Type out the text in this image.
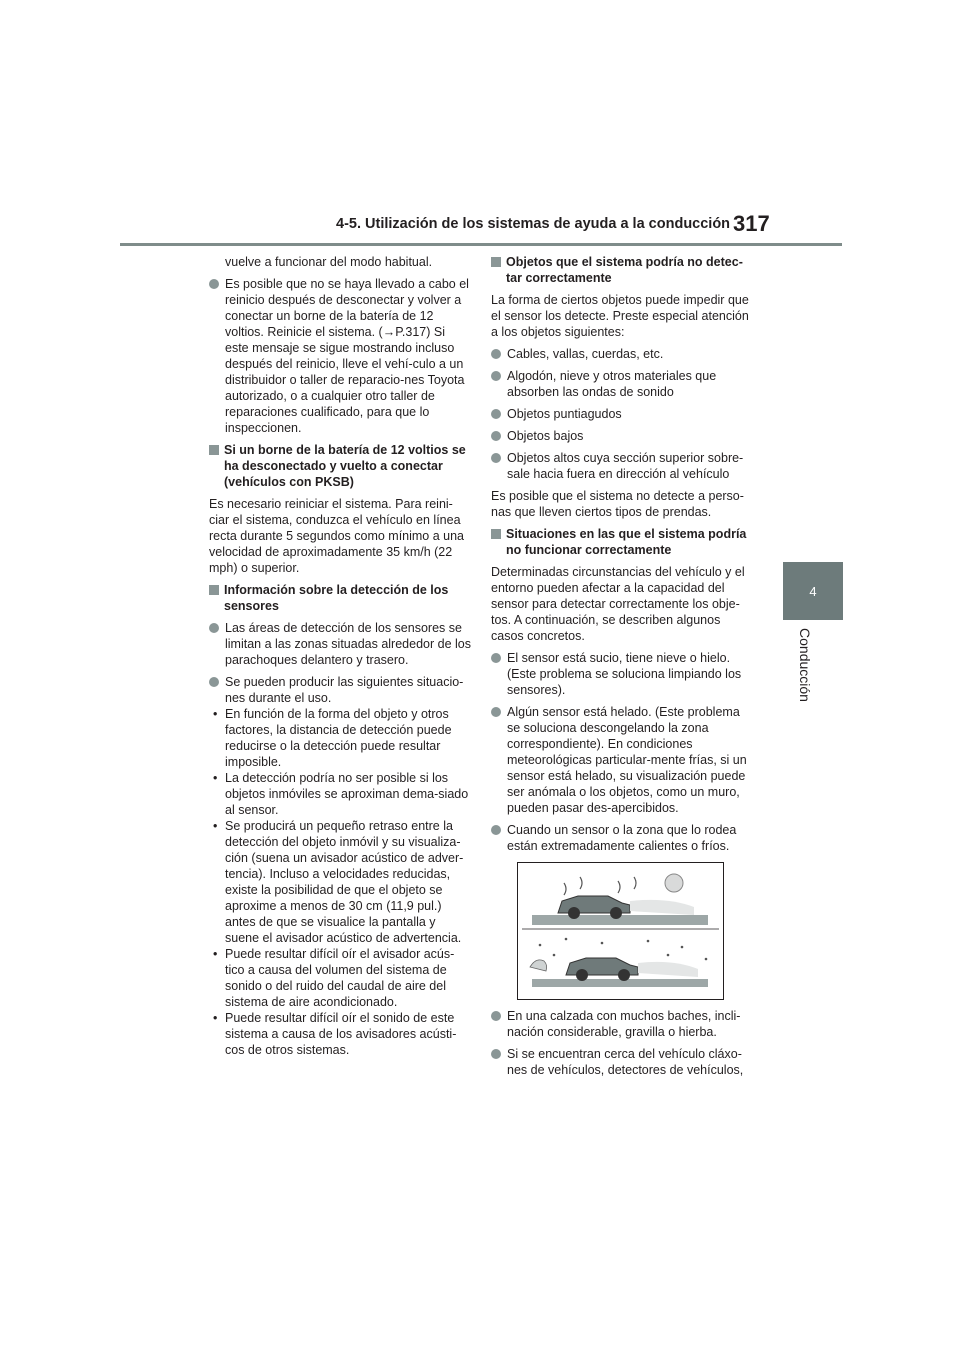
4-5. Utilización de los sistemas de ayuda a la conducción 317
4
Conducción

vuelve a funcionar del modo habitual.

Es posible que no se haya llevado a cabo el reinicio después de desconectar y volver a conectar un borne de la batería de 12 voltios. Reinicie el sistema. (→P.317) Si este mensaje se sigue mostrando incluso después del reinicio, lleve el vehí-culo a un distribuidor o taller de reparacio-nes Toyota autorizado, o a cualquier otro taller de reparaciones cualificado, para que lo inspeccionen.
Si un borne de la batería de 12 voltios se ha desconectado y vuelto a conectar (vehículos con PKSB)

Es necesario reiniciar el sistema. Para reini-ciar el sistema, conduzca el vehículo en línea recta durante 5 segundos como mínimo a una velocidad de aproximadamente 35 km/h (22 mph) o superior.

Información sobre la detección de los sensores
Las áreas de detección de los sensores se limitan a las zonas situadas alrededor de los parachoques delantero y trasero.
Se pueden producir las siguientes situacio-nes durante el uso.
• En función de la forma del objeto y otros factores, la distancia de detección puede reducirse o la detección puede resultar imposible.
• La detección podría no ser posible si los objetos inmóviles se aproximan dema-siado al sensor.
• Se producirá un pequeño retraso entre la detección del objeto inmóvil y su visualiza-ción (suena un avisador acústico de adver-tencia). Incluso a velocidades reducidas, existe la posibilidad de que el objeto se aproxime a menos de 30 cm (11,9 pul.) antes de que se visualice la pantalla y suene el avisador acústico de advertencia.
• Puede resultar difícil oír el avisador acús-tico a causa del volumen del sistema de sonido o del ruido del caudal de aire del sistema de aire acondicionado.
• Puede resultar difícil oír el sonido de este sistema a causa de los avisadores acústi-cos de otros sistemas.
Objetos que el sistema podría no detec-tar correctamente

La forma de ciertos objetos puede impedir que el sensor los detecte. Preste especial atención a los objetos siguientes:

Cables, vallas, cuerdas, etc.
Algodón, nieve y otros materiales que absorben las ondas de sonido
Objetos puntiagudos
Objetos bajos
Objetos altos cuya sección superior sobre-sale hacia fuera en dirección al vehículo

Es posible que el sistema no detecte a perso-nas que lleven ciertos tipos de prendas.

Situaciones en las que el sistema podría no funcionar correctamente

Determinadas circunstancias del vehículo y el entorno pueden afectar a la capacidad del sensor para detectar correctamente los obje-tos. A continuación, se describen algunos casos concretos.

El sensor está sucio, tiene nieve o hielo. (Este problema se soluciona limpiando los sensores).
Algún sensor está helado. (Este problema se soluciona descongelando la zona correspondiente). En condiciones meteorológicas particular-mente frías, si un sensor está helado, su visualización puede ser anómala o los objetos, como un muro, pueden pasar des-apercibidos.
Cuando un sensor o la zona que lo rodea están extremadamente calientes o fríos.
En una calzada con muchos baches, incli-nación considerable, gravilla o hierba.
Si se encuentran cerca del vehículo cláxo-nes de vehículos, detectores de vehículos,
